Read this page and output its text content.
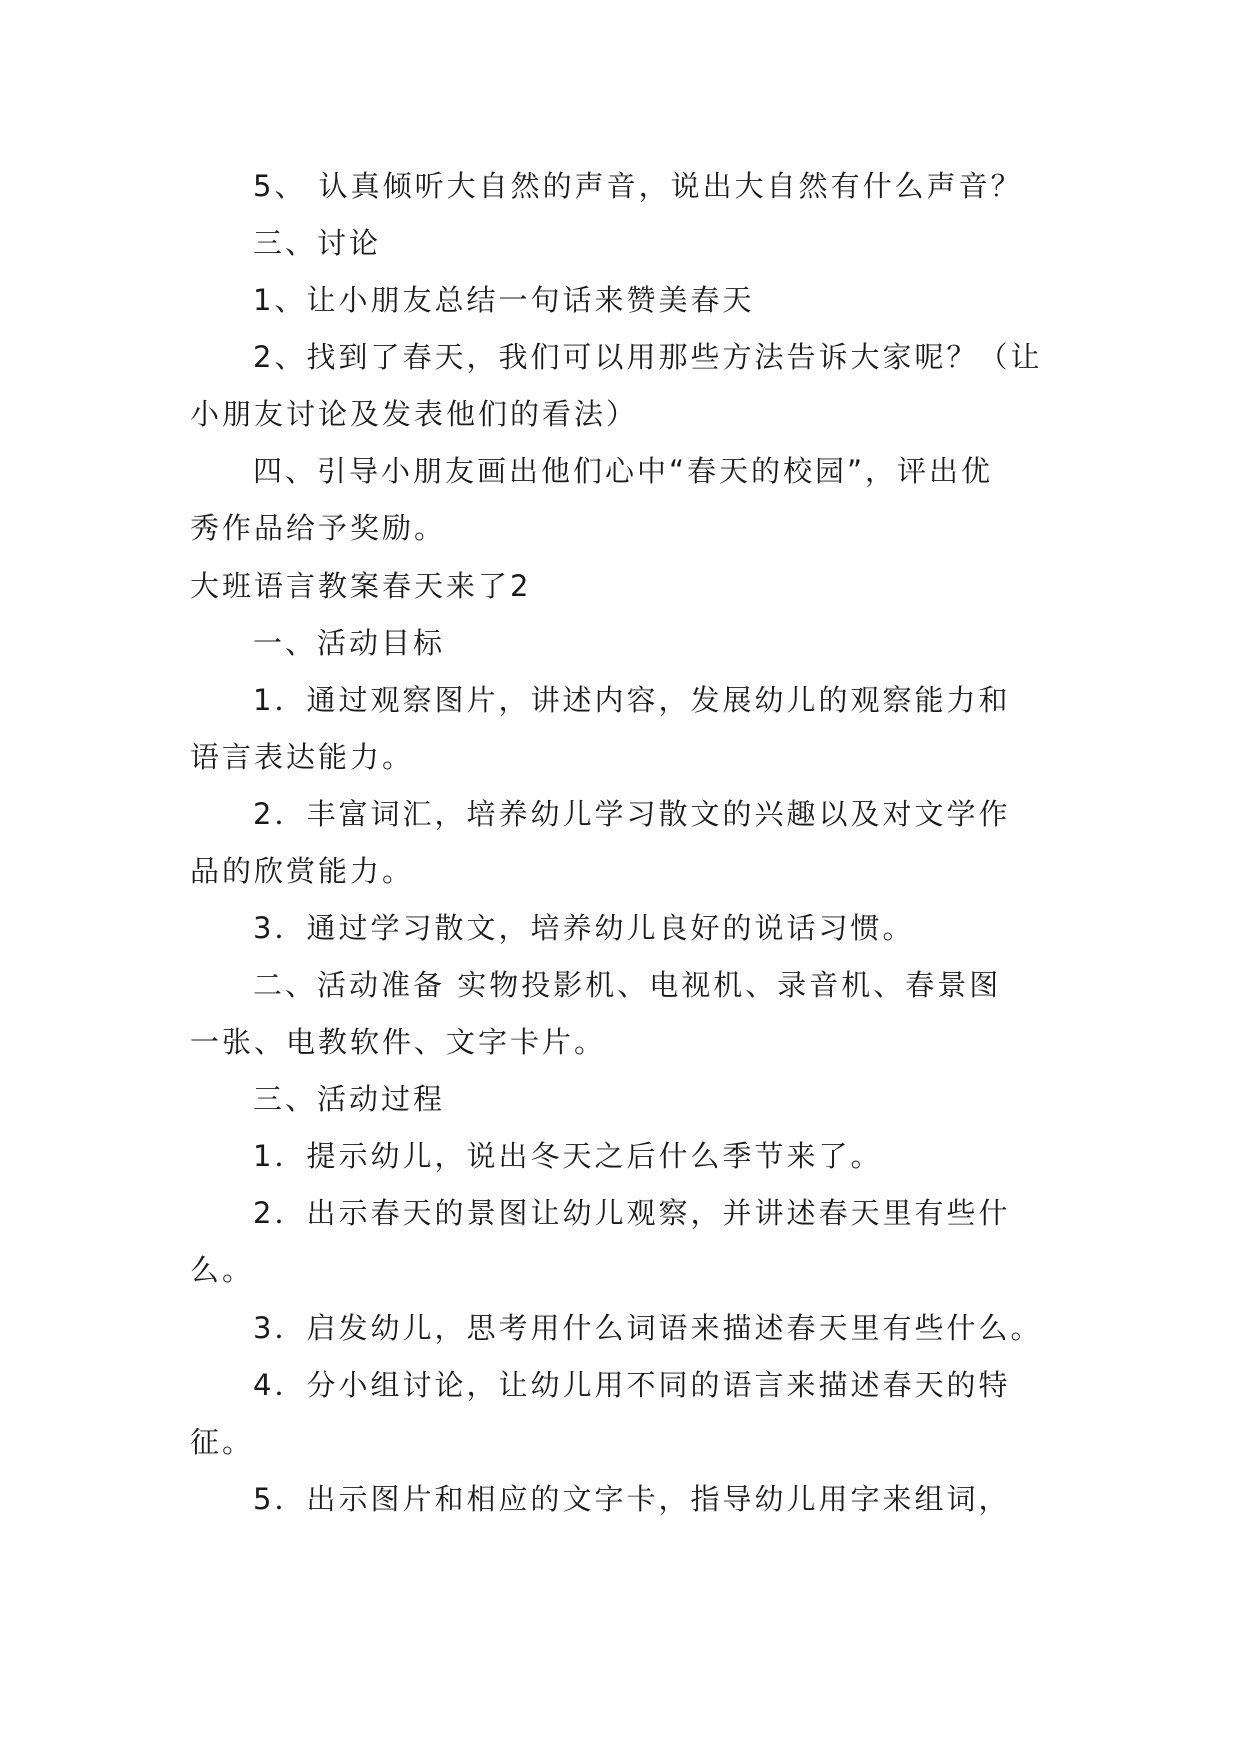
5、 认真倾听大自然的声音，说出大自然有什么声音？
三、讨论
1、让小朋友总结一句话来赞美春天
2、找到了春天，我们可以用那些方法告诉大家呢？（让
小朋友讨论及发表他们的看法）
四、引导小朋友画出他们心中“春天的校园”，评出优
秀作品给予奖励。
大班语言教案春天来了2
一、活动目标
1．通过观察图片，讲述内容，发展幼儿的观察能力和
语言表达能力。
2．丰富词汇，培养幼儿学习散文的兴趣以及对文学作
品的欣赏能力。
3．通过学习散文，培养幼儿良好的说话习惯。
二、活动准备 实物投影机、电视机、录音机、春景图
一张、电教软件、文字卡片。
三、活动过程
1．提示幼儿，说出冬天之后什么季节来了。
2．出示春天的景图让幼儿观察，并讲述春天里有些什
么。
3．启发幼儿，思考用什么词语来描述春天里有些什么。
4．分小组讨论，让幼儿用不同的语言来描述春天的特
征。
5．出示图片和相应的文字卡，指导幼儿用字来组词，
